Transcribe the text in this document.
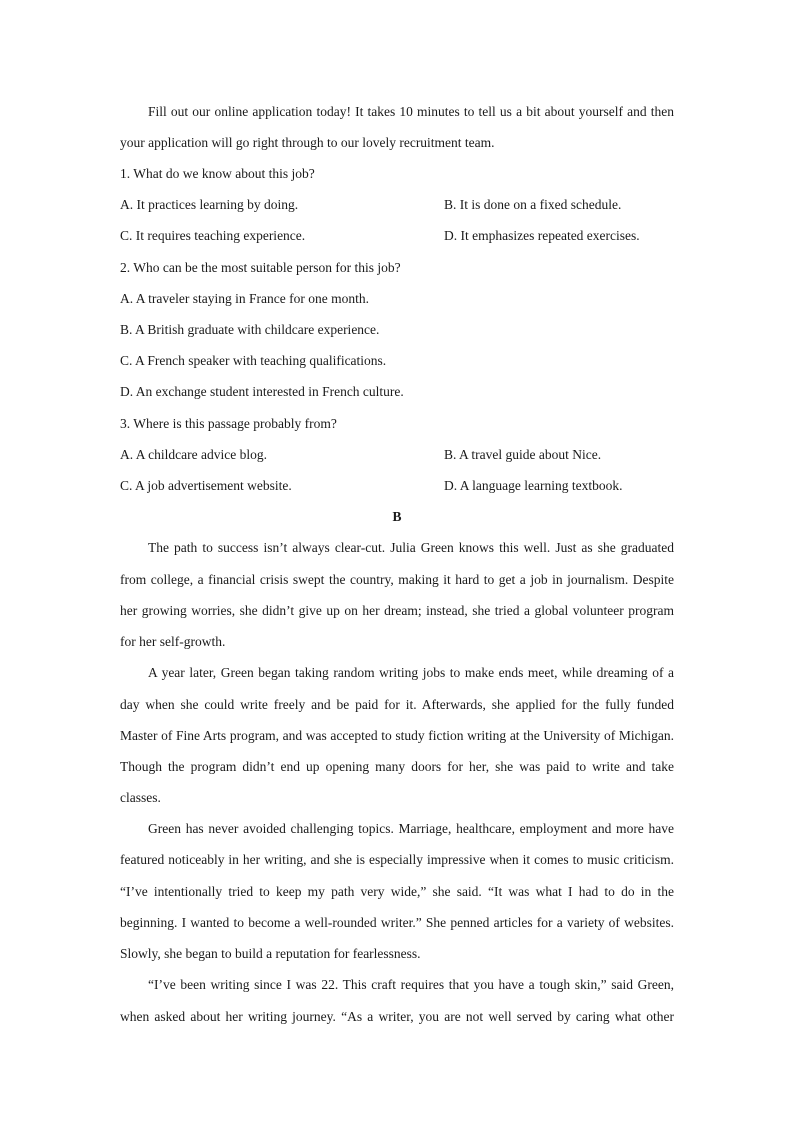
Fill out our online application today! It takes 10 minutes to tell us a bit about yourself and then
your application will go right through to our lovely recruitment team.
1. What do we know about this job?
A. It practices learning by doing.	B. It is done on a fixed schedule.
C. It requires teaching experience.	D. It emphasizes repeated exercises.
2. Who can be the most suitable person for this job?
A. A traveler staying in France for one month.
B. A British graduate with childcare experience.
C. A French speaker with teaching qualifications.
D. An exchange student interested in French culture.
3. Where is this passage probably from?
A. A childcare advice blog.	B. A travel guide about Nice.
C. A job advertisement website.	D. A language learning textbook.
B
The path to success isn’t always clear-cut. Julia Green knows this well. Just as she graduated
from college, a financial crisis swept the country, making it hard to get a job in journalism. Despite
her growing worries, she didn’t give up on her dream; instead, she tried a global volunteer program
for her self-growth.
A year later, Green began taking random writing jobs to make ends meet, while dreaming of a
day when she could write freely and be paid for it. Afterwards, she applied for the fully funded
Master of Fine Arts program, and was accepted to study fiction writing at the University of Michigan.
Though the program didn’t end up opening many doors for her, she was paid to write and take
classes.
Green has never avoided challenging topics. Marriage, healthcare, employment and more have
featured noticeably in her writing, and she is especially impressive when it comes to music criticism.
“I’ve intentionally tried to keep my path very wide,” she said. “It was what I had to do in the
beginning. I wanted to become a well-rounded writer.” She penned articles for a variety of websites.
Slowly, she began to build a reputation for fearlessness.
“I’ve been writing since I was 22. This craft requires that you have a tough skin,” said Green,
when asked about her writing journey. “As a writer, you are not well served by caring what other
